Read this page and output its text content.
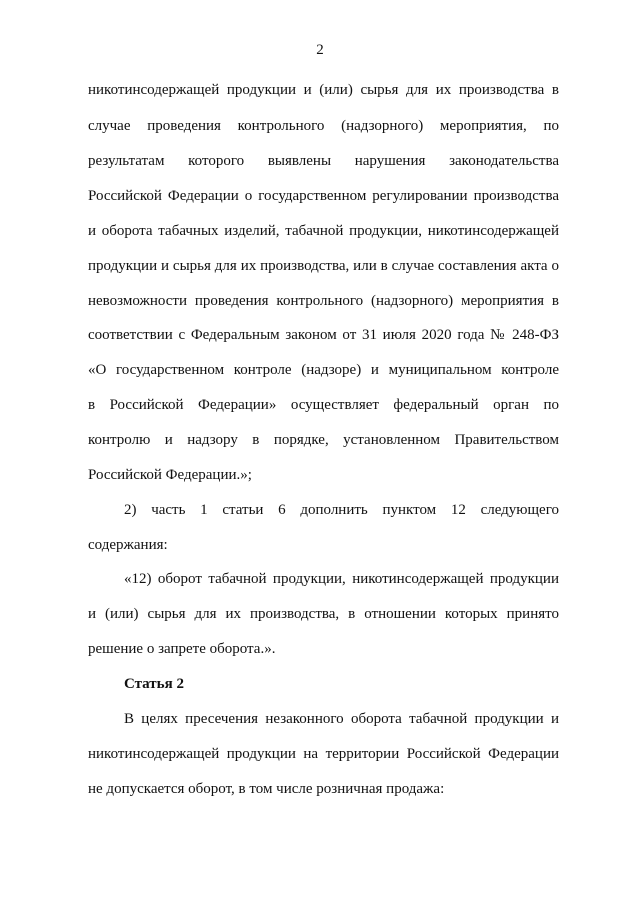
2
никотинсодержащей продукции и (или) сырья для их производства в
случае проведения контрольного (надзорного) мероприятия, по
результатам которого выявлены нарушения законодательства
Российской Федерации о государственном регулировании производства
и оборота табачных изделий, табачной продукции, никотинсодержащей
продукции и сырья для их производства, или в случае составления акта о
невозможности проведения контрольного (надзорного) мероприятия в
соответствии с Федеральным законом от 31 июля 2020 года № 248-ФЗ
«О государственном контроле (надзоре) и муниципальном контроле
в Российской Федерации» осуществляет федеральный орган по
контролю и надзору в порядке, установленном Правительством
Российской Федерации.»;
2) часть 1 статьи 6 дополнить пунктом 12 следующего
содержания:
«12) оборот табачной продукции, никотинсодержащей продукции
и (или) сырья для их производства, в отношении которых принято
решение о запрете оборота.».
Статья 2
В целях пресечения незаконного оборота табачной продукции и
никотинсодержащей продукции на территории Российской Федерации
не допускается оборот, в том числе розничная продажа:
